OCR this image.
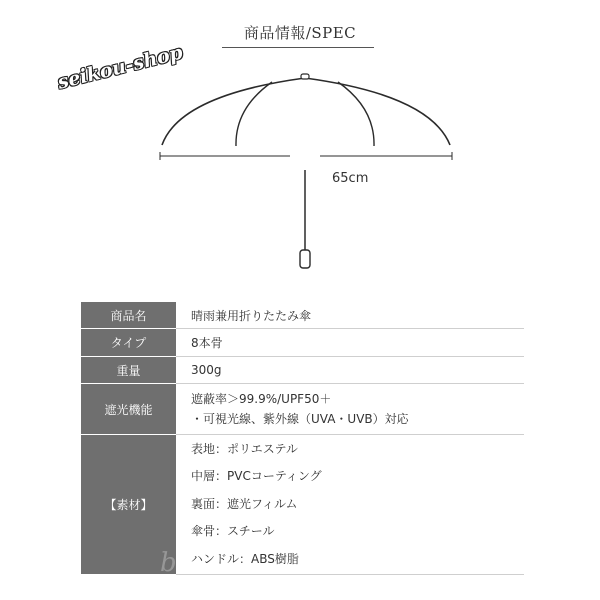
商品情報/SPEC
seikou-shop
65cm
商品名	晴雨兼用折りたたみ傘
タイプ	8本骨
重量	300g
遮光機能	遮蔽率＞99.9%/UPF50＋
・可視光線、紫外線（UVA・UVB）対応

【素材】	表地：ポリエステル
中層：PVCコーティング
裏面：遮光フィルム
傘骨：スチール
ハンドル：ABS樹脂
b
